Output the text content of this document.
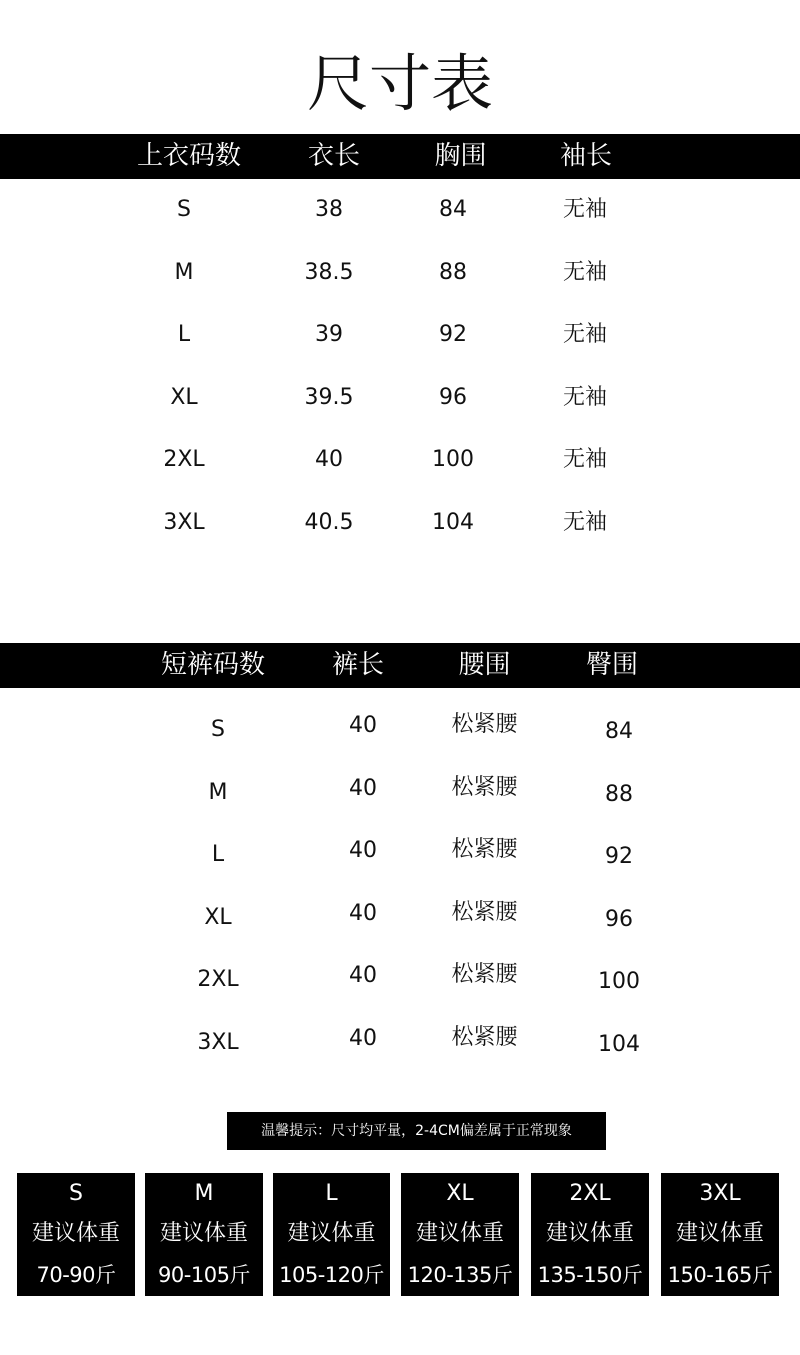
尺寸表
上衣码数	衣长	胸围	袖长
S	38	84	无袖
M	38.5	88	无袖
L	39	92	无袖
XL	39.5	96	无袖
2XL	40	100	无袖
3XL	40.5	104	无袖
短裤码数	裤长	腰围	臀围
S	40	松紧腰	84
M	40	松紧腰	88
L	40	松紧腰	92
XL	40	松紧腰	96
2XL	40	松紧腰	100
3XL	40	松紧腰	104
温馨提示：尺寸均平量，2-4CM偏差属于正常现象
S
建议体重
70-90斤
M
建议体重
90-105斤
L
建议体重
105-120斤
XL
建议体重
120-135斤
2XL
建议体重
135-150斤
3XL
建议体重
150-165斤
